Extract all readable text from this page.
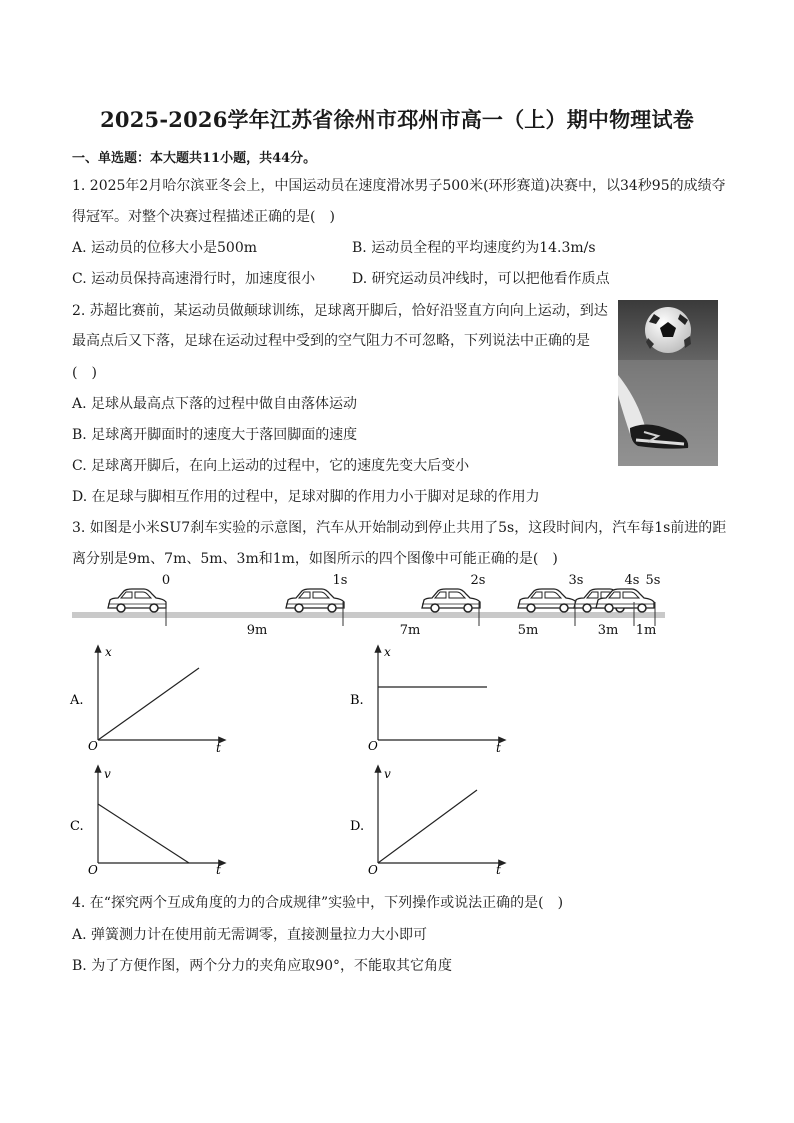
2025-2026学年江苏省徐州市邳州市高一（上）期中物理试卷
一、单选题：本大题共11小题，共44分。
1. 2025年2月哈尔滨亚冬会上，中国运动员在速度滑冰男子500米(环形赛道)决赛中，以34秒95的成绩夺
得冠军。对整个决赛过程描述正确的是(　)
A. 运动员的位移大小是500m	B. 运动员全程的平均速度约为14.3m/s
C. 运动员保持高速滑行时，加速度很小	D. 研究运动员冲线时，可以把他看作质点
2. 苏超比赛前，某运动员做颠球训练，足球离开脚后，恰好沿竖直方向向上运动，到达
最高点后又下落，足球在运动过程中受到的空气阻力不可忽略，下列说法中正确的是
(　)
A. 足球从最高点下落的过程中做自由落体运动
B. 足球离开脚面时的速度大于落回脚面的速度
C. 足球离开脚后，在向上运动的过程中，它的速度先变大后变小
D. 在足球与脚相互作用的过程中，足球对脚的作用力小于脚对足球的作用力
3. 如图是小米SU7刹车实验的示意图，汽车从开始制动到停止共用了5s，这段时间内，汽车每1s前进的距
离分别是9m、7m、5m、3m和1m，如图所示的四个图像中可能正确的是(　)
0	1s	2s	3s	4s 5s
9m	7m	5m	3m 1m
x
t
O
A.
x
t
O
B.
v
t
O
C.
v
t
O
D.
4. 在“探究两个互成角度的力的合成规律”实验中，下列操作或说法正确的是(　)
A. 弹簧测力计在使用前无需调零，直接测量拉力大小即可
B. 为了方便作图，两个分力的夹角应取90°，不能取其它角度
